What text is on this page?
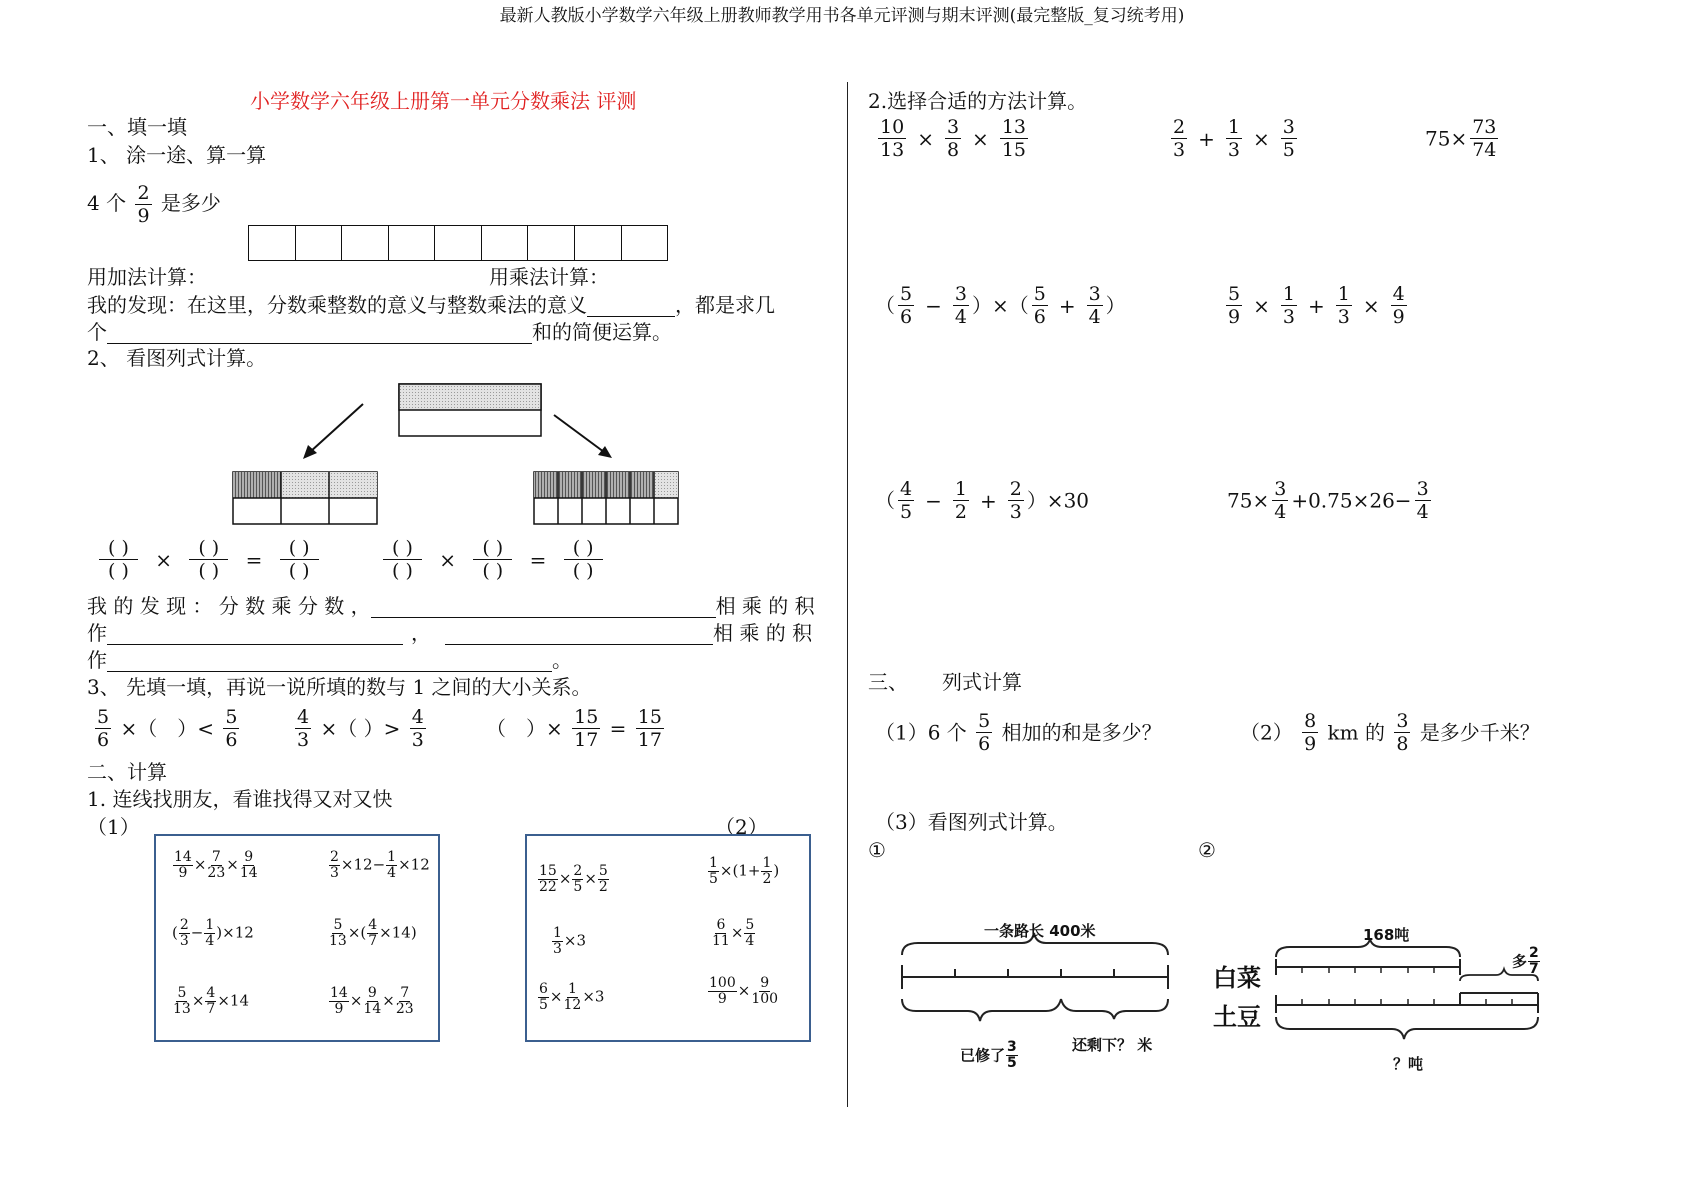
最新人教版小学数学六年级上册教师教学用书各单元评测与期末评测(最完整版_复习统考用)
小学数学六年级上册第一单元分数乘法 评测
一、填一填
1、 涂一途、算一算
4 个 $\frac{2}{9}$ 是多少
用加法计算：	用乘法计算：
我的发现：在这里，分数乘整数的意义与整数乘法的意义	，都是求几
个	和的简便运算。
2、 看图列式计算。
$\frac{( )}{( )} \times \frac{( )}{( )} = \frac{( )}{( )}$	$\frac{( )}{( )} \times \frac{( )}{( )} = \frac{( )}{( )}$
我 的 发 现 ： 分 数 乘 分 数 ，	相 乘 的 积
作	，	相 乘 的 积
作	。
3、 先填一填，再说一说所填的数与 1 之间的大小关系。
$\frac{5}{6}$ ×（　）< $\frac{5}{6}$	$\frac{4}{3}$ ×（ ）> $\frac{4}{3}$	（　）× $\frac{15}{17} = \frac{15}{17}$
二、计算
1. 连线找朋友，看谁找得又对又快
（1）	（2）
$\frac{14}{9} \times \frac{7}{23} \times \frac{9}{14}$	$\frac{2}{3} \times 12- \frac{1}{4} \times 12$
( $\frac{2}{3} - \frac{1}{4} )\times 12$	$\frac{5}{13}$ ×( $\frac{4}{7} \times 14$)
$\frac{5}{13} \times \frac{4}{7} \times 14$	$\frac{14}{9} \times \frac{9}{14} \times \frac{7}{23}$
$\frac{15}{22} \times \frac{2}{5} \times \frac{5}{2}$	$\frac{1}{5} \times(1+ \frac{1}{2}$ )
$\frac{1}{3} \times 3$	$\frac{6}{11} \times \frac{5}{4}$
$\frac{6}{5} \times \frac{1}{12} \times 3$	$\frac{100}{9} \times \frac{9}{100}$
2.选择合适的方法计算。
$\frac{10}{13} \times \frac{3}{8} \times \frac{13}{15}$	$\frac{2}{3} + \frac{1}{3} \times \frac{3}{5}$	$75\times \frac{73}{74}$
（ $\frac{5}{6} - \frac{3}{4}$ ）×（ $\frac{5}{6} + \frac{3}{4}$ ）	$\frac{5}{9} \times \frac{1}{3} + \frac{1}{3} \times \frac{4}{9}$
（ $\frac{4}{5} - \frac{1}{2} + \frac{2}{3} )\times 30$	$75\times \frac{3}{4} +0.75\times 26- \frac{3}{4}$
三、 列式计算
（1）6 个 $\frac{5}{6}$ 相加的和是多少？	$(2) \frac{8}{9}$ km 的 $\frac{3}{8}$ 是多少千米？
（3）看图列式计算。
①	②
一条路长 400米
已修了 $\frac{3}{5}$	还剩下？ 米
168吨
多 $\frac{2}{7}$
白菜
土豆
？吨
